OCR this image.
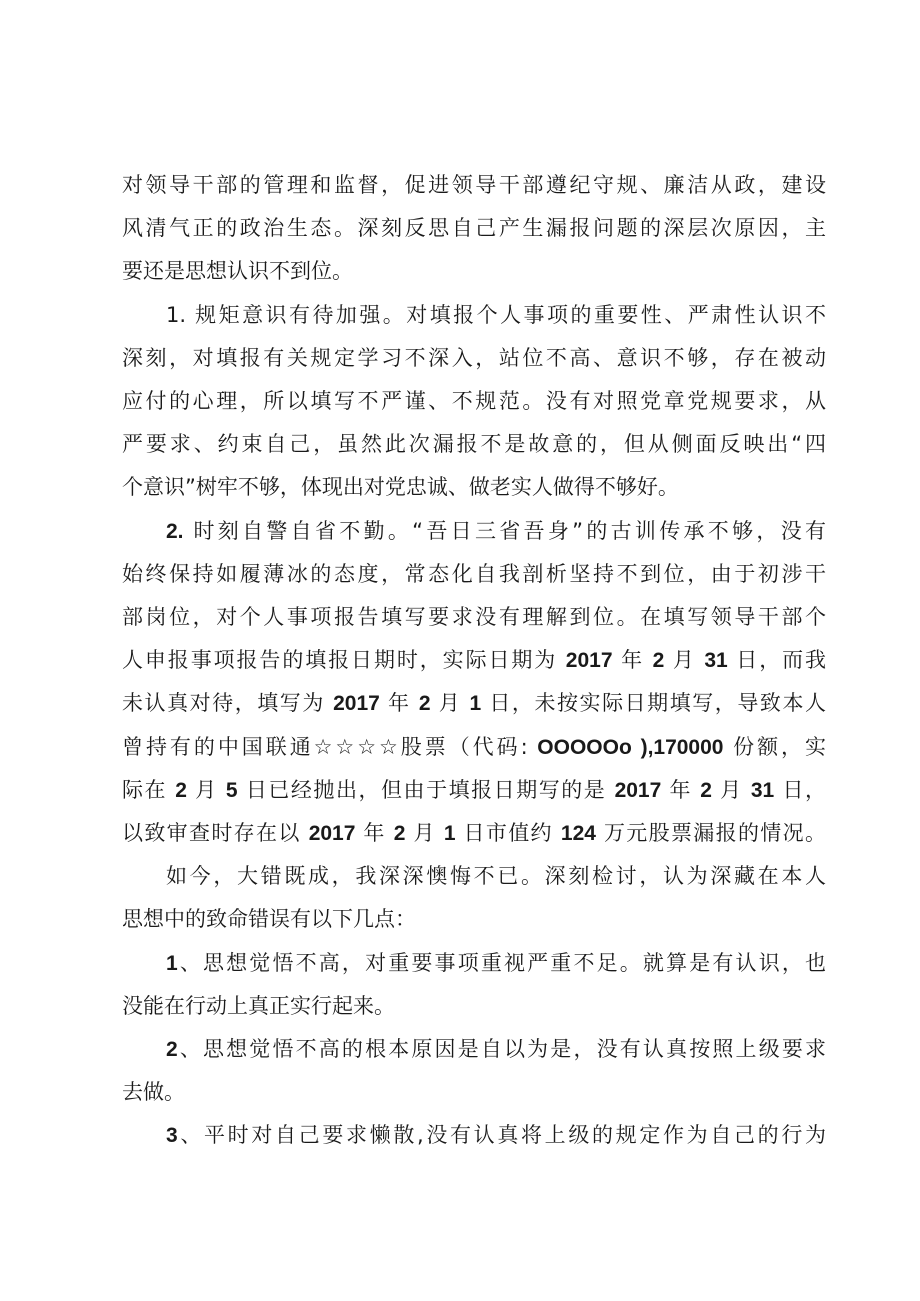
对领导干部的管理和监督，促进领导干部遵纪守规、廉洁从政，建设
风清气正的政治生态。深刻反思自己产生漏报问题的深层次原因，主
要还是思想认识不到位。
1. 规矩意识有待加强。对填报个人事项的重要性、严肃性认识不
深刻，对填报有关规定学习不深入，站位不高、意识不够，存在被动
应付的心理，所以填写不严谨、不规范。没有对照党章党规要求，从
严要求、约束自己，虽然此次漏报不是故意的，但从侧面反映出“四
个意识”树牢不够，体现出对党忠诚、做老实人做得不够好。
2. 时刻自警自省不勤。“吾日三省吾身”的古训传承不够，没有
始终保持如履薄冰的态度，常态化自我剖析坚持不到位，由于初涉干
部岗位，对个人事项报告填写要求没有理解到位。在填写领导干部个
人申报事项报告的填报日期时，实际日期为 2017 年 2 月 31 日，而我
未认真对待，填写为 2017 年 2 月 1 日，未按实际日期填写，导致本人
曾持有的中国联通☆☆☆☆股票（代码: OOOOOo ),170000 份额，实
际在 2 月 5 日已经抛出，但由于填报日期写的是 2017 年 2 月 31 日，
以致审查时存在以 2017 年 2 月 1 日市值约 124 万元股票漏报的情况。
如今，大错既成，我深深懊悔不已。深刻检讨，认为深藏在本人
思想中的致命错误有以下几点：
1、思想觉悟不高，对重要事项重视严重不足。就算是有认识，也
没能在行动上真正实行起来。
2、思想觉悟不高的根本原因是自以为是，没有认真按照上级要求
去做。
3、平时对自己要求懒散,没有认真将上级的规定作为自己的行为
